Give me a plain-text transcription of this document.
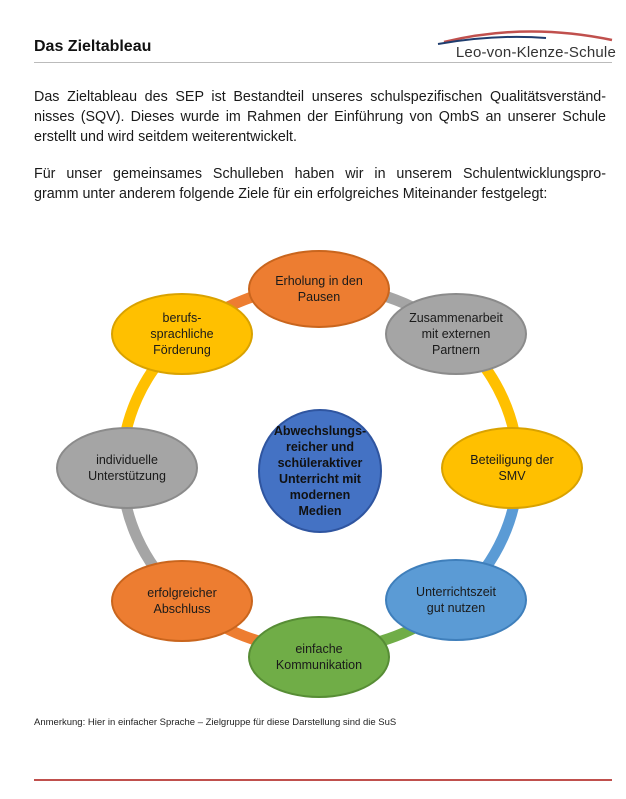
Das Zieltableau	Leo-von-Klenze-Schule
Das Zieltableau des SEP ist Bestandteil unseres schulspezifischen Qualitätsverständ-
nisses (SQV). Dieses wurde im Rahmen der Einführung von QmbS an unserer Schule
erstellt und wird seitdem weiterentwickelt.
Für unser gemeinsames Schulleben haben wir in unserem Schulentwicklungspro-
gramm unter anderem folgende Ziele für ein erfolgreiches Miteinander festgelegt:
Erholung in den
Pausen
Zusammenarbeit
mit externen
Partnern
Beteiligung der
SMV
Unterrichtszeit
gut nutzen
einfache
Kommunikation
erfolgreicher
Abschluss
individuelle
Unterstützung
berufs-
sprachliche
Förderung
Abwechslungs-
reicher und
schüleraktiver
Unterricht mit
modernen
Medien
Anmerkung: Hier in einfacher Sprache – Zielgruppe für diese Darstellung sind die SuS
